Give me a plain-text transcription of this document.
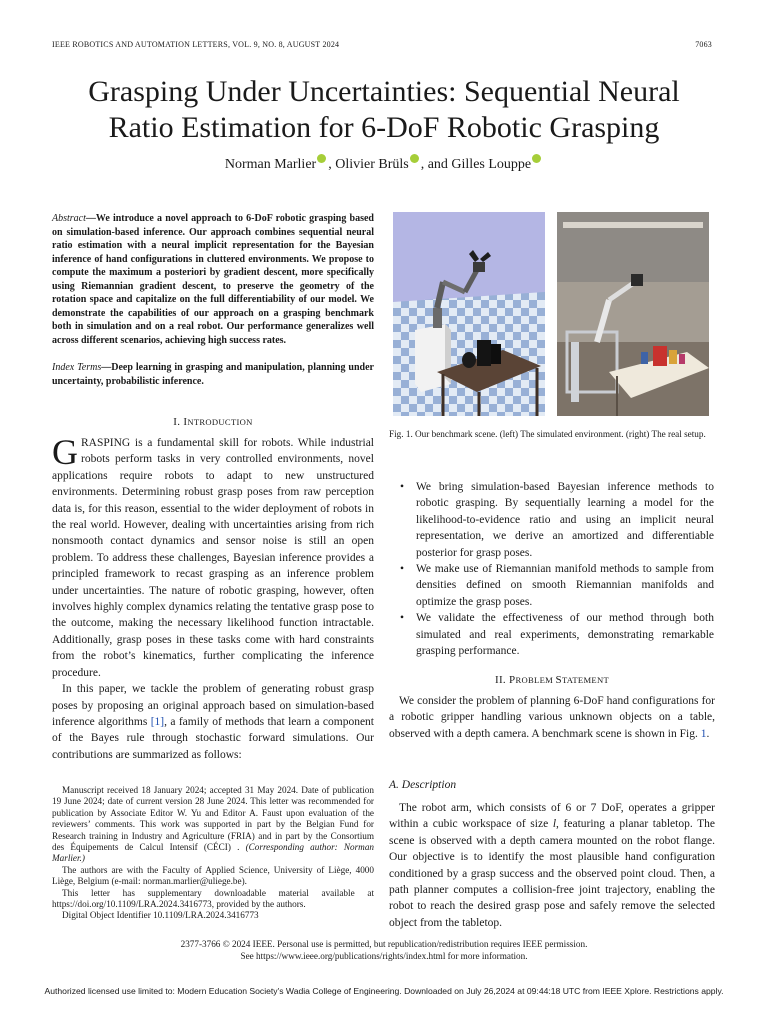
IEEE ROBOTICS AND AUTOMATION LETTERS, VOL. 9, NO. 8, AUGUST 2024	7063
Grasping Under Uncertainties: Sequential Neural
Ratio Estimation for 6-DoF Robotic Grasping
Norman Marlier , Olivier Brüls , and Gilles Louppe
Abstract—We introduce a novel approach to 6-DoF robotic grasping based on simulation-based inference. Our approach combines sequential neural ratio estimation with a neural implicit representation for the Bayesian inference of hand configurations in cluttered environments. We propose to compute the maximum a posteriori by gradient descent, more specifically using Riemannian gradient descent, to preserve the geometry of the rotation space and capitalize on the full differentiability of our model. We demonstrate the capabilities of our approach on a grasping benchmark both in simulation and on a real robot. Our performance generalizes well across different scenarios, achieving high success rates.
Index Terms—Deep learning in grasping and manipulation, planning under uncertainty, probabilistic inference.
I. INTRODUCTION
GRASPING is a fundamental skill for robots. While industrial robots perform tasks in very controlled environments, novel applications require robots to adapt to new unstructured environments. Determining robust grasp poses from raw perception data is, for this reason, essential to the wider deployment of robots in the real world. However, dealing with uncertainties arising from rich nonsmooth contact dynamics and sensor noise is still an open problem. To address these challenges, Bayesian inference provides a principled framework to recast grasping as an inference problem under uncertainties. The nature of robotic grasping, however, often involves highly complex dynamics relating the tentative grasp pose to the outcome, making the necessary likelihood function intractable. Additionally, grasp poses in these tasks come with hard constraints from the robot’s kinematics, further complicating the inference procedure.
In this paper, we tackle the problem of generating robust grasp poses by proposing an original approach based on simulation-based inference algorithms [1], a family of methods that learn a component of the Bayes rule through stochastic forward simulations. Our contributions are summarized as follows:
Manuscript received 18 January 2024; accepted 31 May 2024. Date of publication 19 June 2024; date of current version 28 June 2024. This letter was recommended for publication by Associate Editor W. Yu and Editor A. Faust upon evaluation of the reviewers’ comments. This work was supported in part by the Belgian Fund for Research training in Industry and Agriculture (FRIA) and in part by the Consortium des Équipements de Calcul Intensif (CÉCI) . (Corresponding author: Norman Marlier.)
The authors are with the Faculty of Applied Science, University of Liège, 4000 Liège, Belgium (e-mail: norman.marlier@uliege.be).
This letter has supplementary downloadable material available at https://doi.org/10.1109/LRA.2024.3416773, provided by the authors.
Digital Object Identifier 10.1109/LRA.2024.3416773
Fig. 1. Our benchmark scene. (left) The simulated environment. (right) The real setup.
• We bring simulation-based Bayesian inference methods to robotic grasping. By sequentially learning a model for the likelihood-to-evidence ratio and using an implicit neural representation, we derive an amortized and differentiable posterior for grasp poses.
• We make use of Riemannian manifold methods to sample from densities defined on smooth Riemannian manifolds and optimize the grasp poses.
• We validate the effectiveness of our method through both simulated and real experiments, demonstrating remarkable grasping performance.
II. PROBLEM STATEMENT
We consider the problem of planning 6-DoF hand configurations for a robotic gripper handling various unknown objects on a table, observed with a depth camera. A benchmark scene is shown in Fig. 1.
A. Description
The robot arm, which consists of 6 or 7 DoF, operates a gripper within a cubic workspace of size l, featuring a planar tabletop. The scene is observed with a depth camera mounted on the robot flange. Our objective is to identify the most plausible hand configuration conditioned by a grasp success and the observed point cloud. Then, a path planner computes a collision-free joint trajectory, enabling the robot to reach the desired grasp pose and safely remove the selected object from the tabletop.
2377-3766 © 2024 IEEE. Personal use is permitted, but republication/redistribution requires IEEE permission.
See https://www.ieee.org/publications/rights/index.html for more information.
Authorized licensed use limited to: Modern Education Society's Wadia College of Engineering. Downloaded on July 26,2024 at 09:44:18 UTC from IEEE Xplore. Restrictions apply.
